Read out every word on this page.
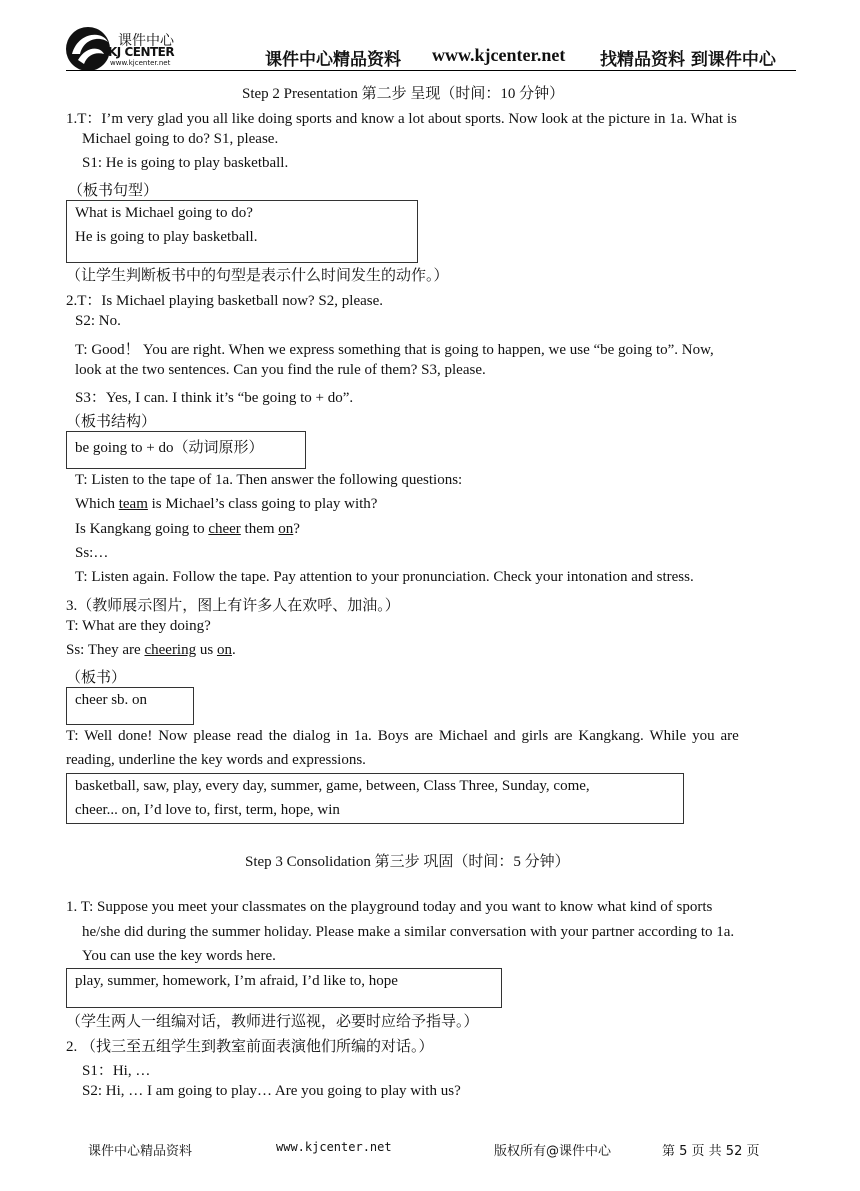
课件中心
KJ CENTER
www.kjcenter.net	课件中心精品资料 www.kjcenter.net 找精品资料 到课件中心
Step 2 Presentation 第二步 呈现（时间：10 分钟）
1.T：I’m very glad you all like doing sports and know a lot about sports. Now look at the picture in 1a. What is
Michael going to do? S1, please.
S1: He is going to play basketball.
（板书句型）
What is Michael going to do?
He is going to play basketball.
（让学生判断板书中的句型是表示什么时间发生的动作。）
2.T：Is Michael playing basketball now? S2, please.
S2: No.
T: Good！ You are right. When we express something that is going to happen, we use “be going to”. Now,
look at the two sentences. Can you find the rule of them? S3, please.
S3：Yes, I can. I think it’s “be going to + do”.
（板书结构）
be going to + do（动词原形）
T: Listen to the tape of 1a. Then answer the following questions:
Which team is Michael’s class going to play with?
Is Kangkang going to cheer them on?
Ss:…
T: Listen again. Follow the tape. Pay attention to your pronunciation. Check your intonation and stress.
3.（教师展示图片，图上有许多人在欢呼、加油。）
T: What are they doing?
Ss: They are cheering us on.
（板书）
cheer sb. on
T: Well done! Now please read the dialog in 1a. Boys are Michael and girls are Kangkang. While you are
reading, underline the key words and expressions.
basketball, saw, play, every day, summer, game, between, Class Three, Sunday, come,
cheer... on, I’d love to, first, term, hope, win
Step 3 Consolidation 第三步 巩固（时间：5 分钟）
1. T: Suppose you meet your classmates on the playground today and you want to know what kind of sports
he/she did during the summer holiday. Please make a similar conversation with your partner according to 1a.
You can use the key words here.
play, summer, homework, I’m afraid, I’d like to, hope
（学生两人一组编对话，教师进行巡视，必要时应给予指导。）
2. （找三至五组学生到教室前面表演他们所编的对话。）
S1：Hi, …
S2: Hi, … I am going to play… Are you going to play with us?
课件中心精品资料	www.kjcenter.net	版权所有@课件中心	第 5 页 共 52 页
